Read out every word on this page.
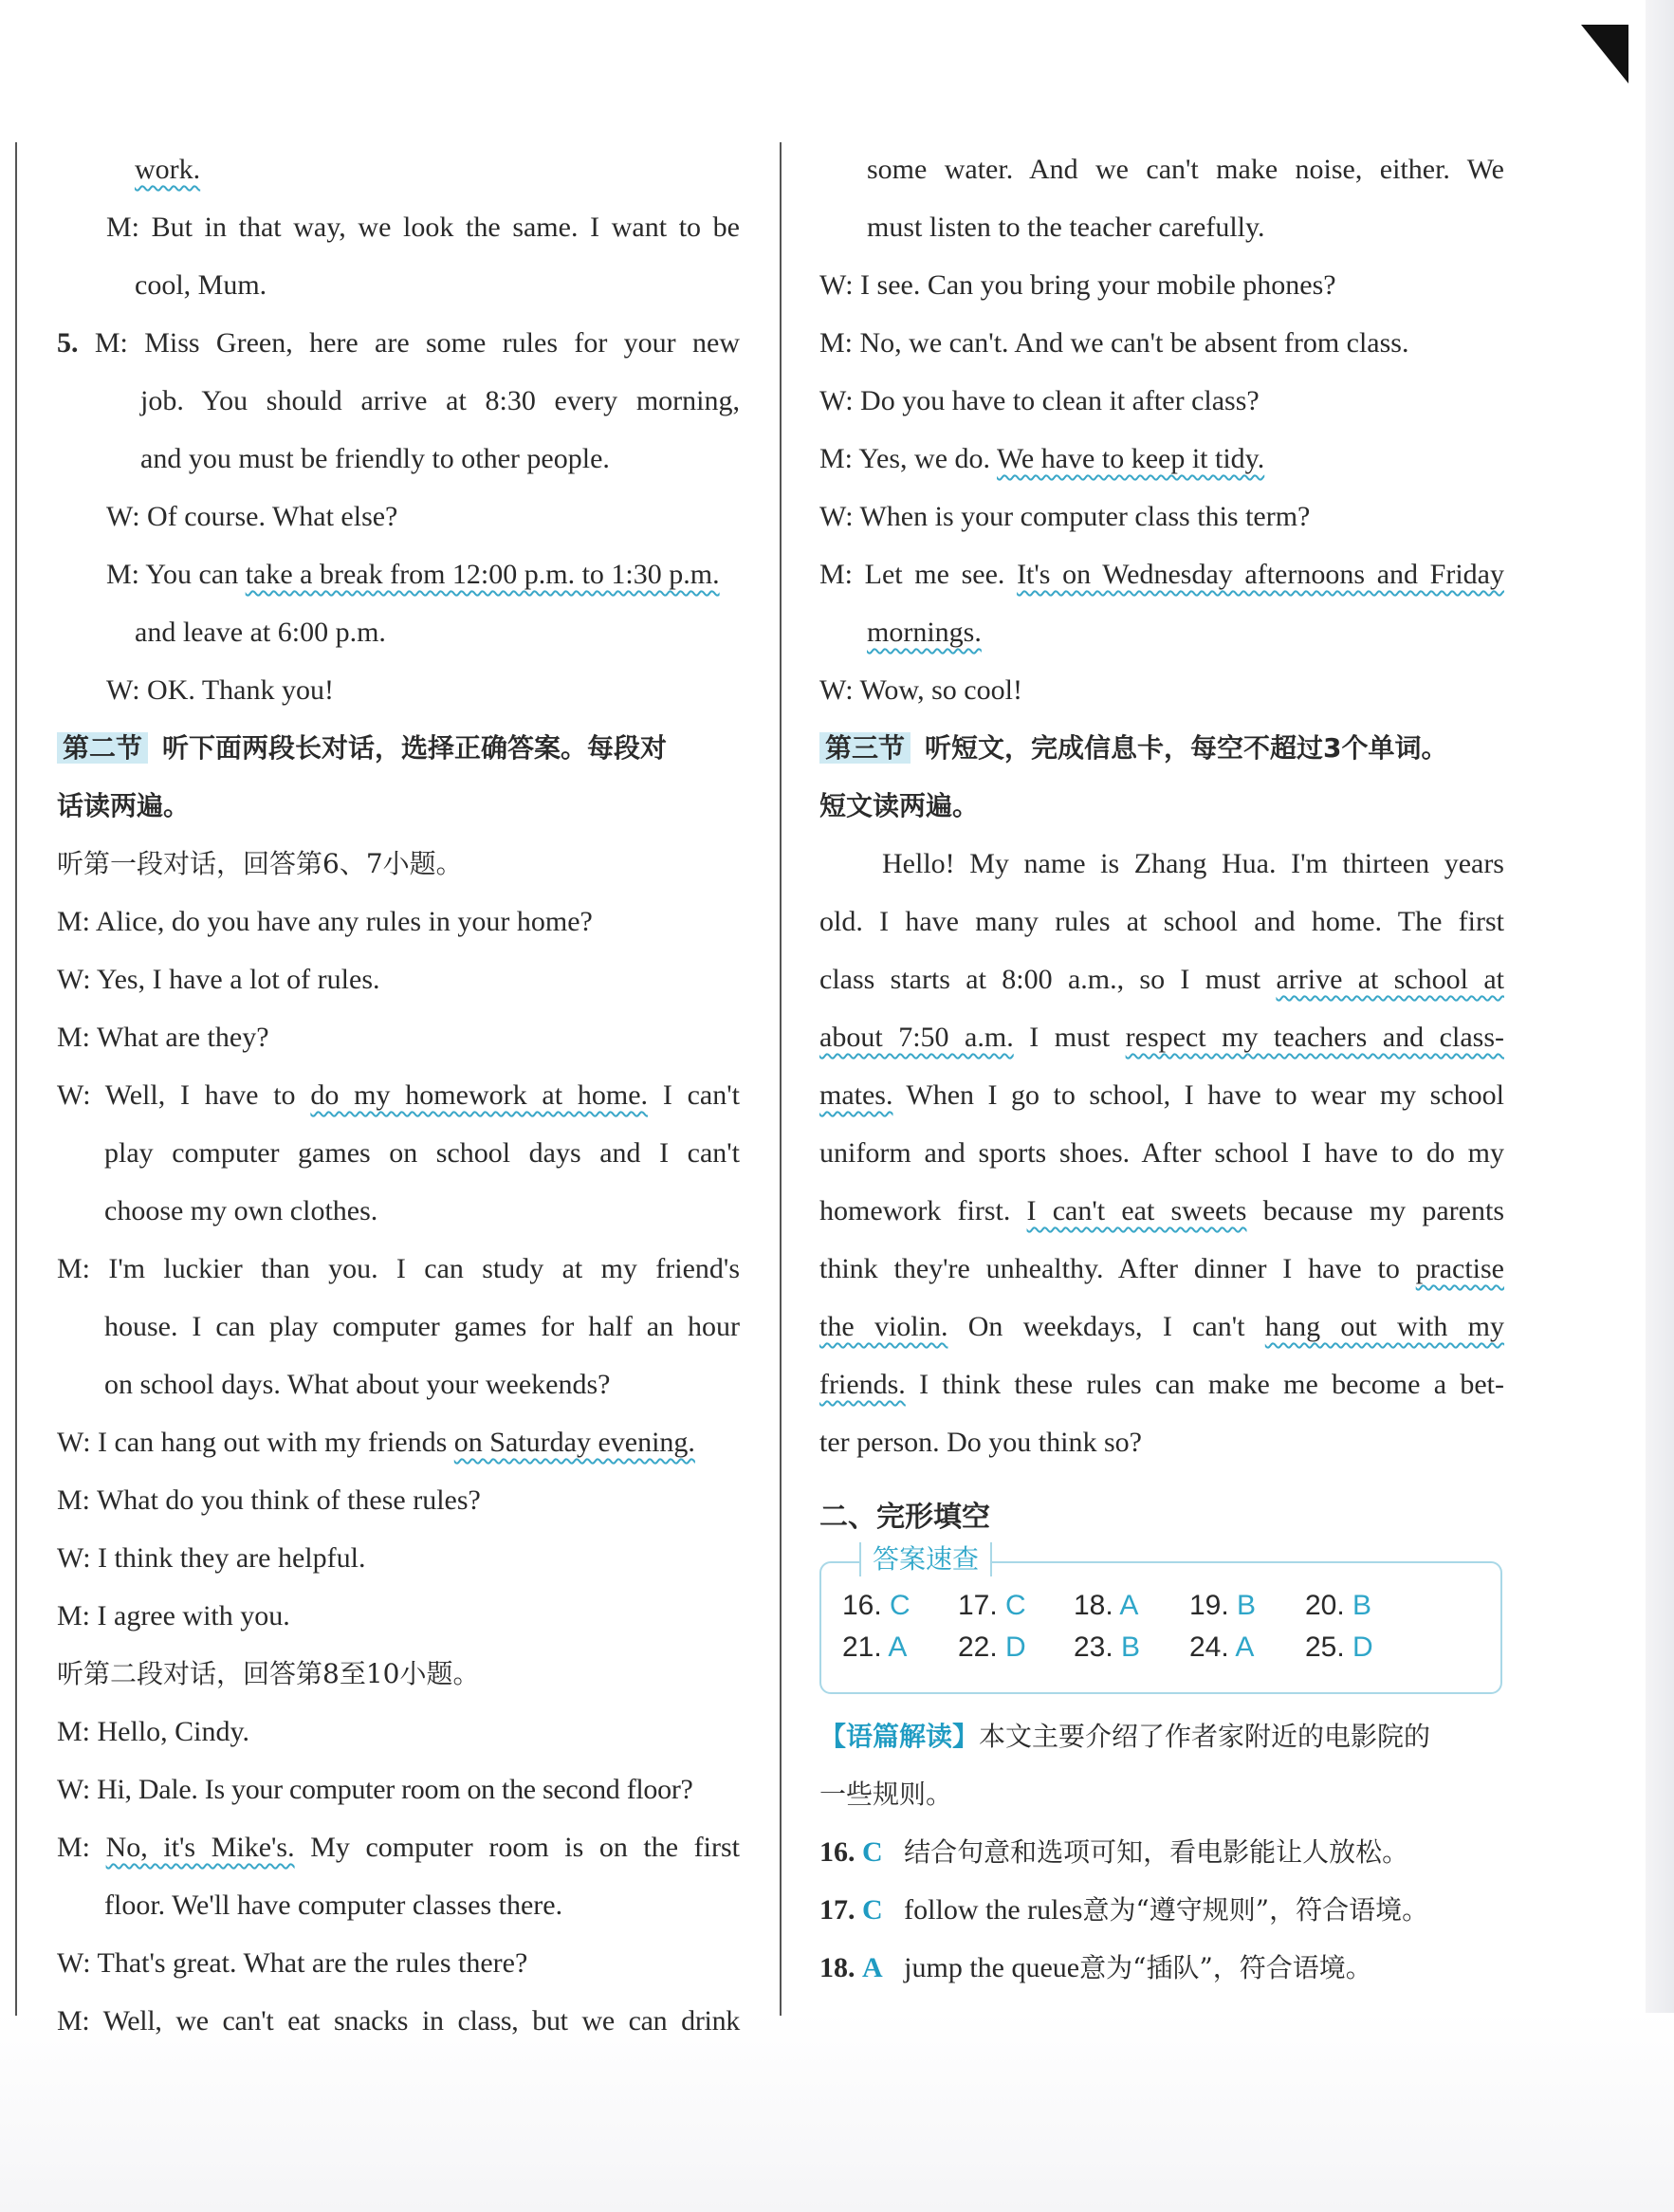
work.
M: But in that way, we look the same. I want to be
cool, Mum.
5. M: Miss Green, here are some rules for your new
job. You should arrive at 8:30 every morning,
and you must be friendly to other people.
W: Of course. What else?
M: You can take a break from 12:00 p.m. to 1:30 p.m.
and leave at 6:00 p.m.
W: OK. Thank you!
第二节 听下面两段长对话，选择正确答案。每段对
话读两遍。
听第一段对话，回答第6、7小题。
M: Alice, do you have any rules in your home?
W: Yes, I have a lot of rules.
M: What are they?
W: Well, I have to do my homework at home. I can't
play computer games on school days and I can't
choose my own clothes.
M: I'm luckier than you. I can study at my friend's
house. I can play computer games for half an hour
on school days. What about your weekends?
W: I can hang out with my friends on Saturday evening.
M: What do you think of these rules?
W: I think they are helpful.
M: I agree with you.
听第二段对话，回答第8至10小题。
M: Hello, Cindy.
W: Hi, Dale. Is your computer room on the second floor?
M: No, it's Mike's. My computer room is on the first
floor. We'll have computer classes there.
W: That's great. What are the rules there?
M: Well, we can't eat snacks in class, but we can drink
some water. And we can't make noise, either. We
must listen to the teacher carefully.
W: I see. Can you bring your mobile phones?
M: No, we can't. And we can't be absent from class.
W: Do you have to clean it after class?
M: Yes, we do. We have to keep it tidy.
W: When is your computer class this term?
M: Let me see. It's on Wednesday afternoons and Friday
mornings.
W: Wow, so cool!
第三节 听短文，完成信息卡，每空不超过3个单词。
短文读两遍。
Hello! My name is Zhang Hua. I'm thirteen years
old. I have many rules at school and home. The first
class starts at 8:00 a.m., so I must arrive at school at
about 7:50 a.m. I must respect my teachers and class-
mates. When I go to school, I have to wear my school
uniform and sports shoes. After school I have to do my
homework first. I can't eat sweets because my parents
think they're unhealthy. After dinner I have to practise
the violin. On weekdays, I can't hang out with my
friends. I think these rules can make me become a bet-
ter person. Do you think so?
二、完形填空
答案速查
16. C	17. C	18. A	19. B	20. B
21. A	22. D	23. B	24. A	25. D
【语篇解读】本文主要介绍了作者家附近的电影院的
一些规则。
16. C 结合句意和选项可知，看电影能让人放松。
17. C follow the rules意为“遵守规则”，符合语境。
18. A jump the queue意为“插队”，符合语境。
